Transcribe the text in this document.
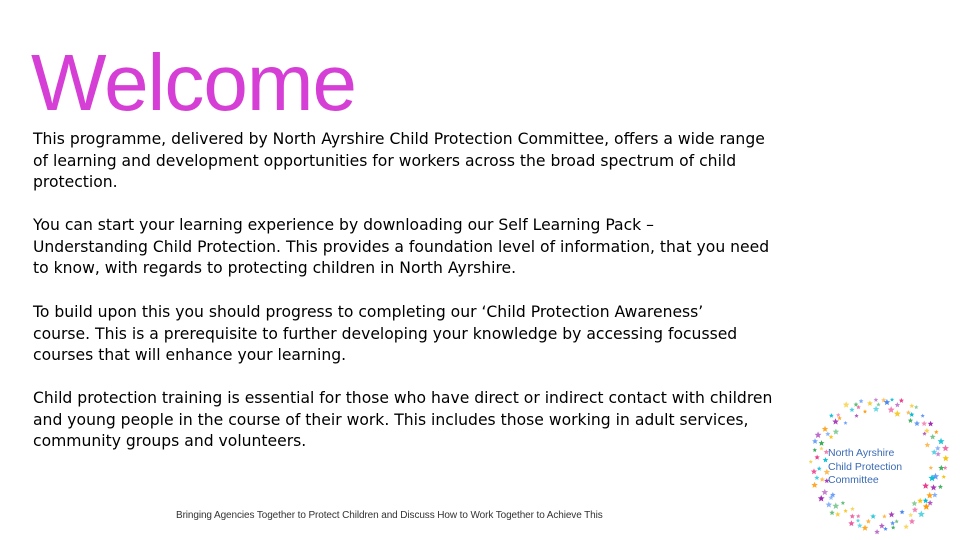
Welcome
This programme, delivered by North Ayrshire Child Protection Committee, offers a wide range
of learning and development opportunities for workers across the broad spectrum of child
protection.
You can start your learning experience by downloading our Self Learning Pack –
Understanding Child Protection. This provides a foundation level of information, that you need
to know, with regards to protecting children in North Ayrshire.
To build upon this you should progress to completing our ‘Child Protection Awareness’
course. This is a prerequisite to further developing your knowledge by accessing focussed
courses that will enhance your learning.
Child protection training is essential for those who have direct or indirect contact with children
and young people in the course of their work. This includes those working in adult services,
community groups and volunteers.
North Ayrshire
Child Protection
Committee
Bringing Agencies Together to Protect Children and Discuss How to Work Together to Achieve This
